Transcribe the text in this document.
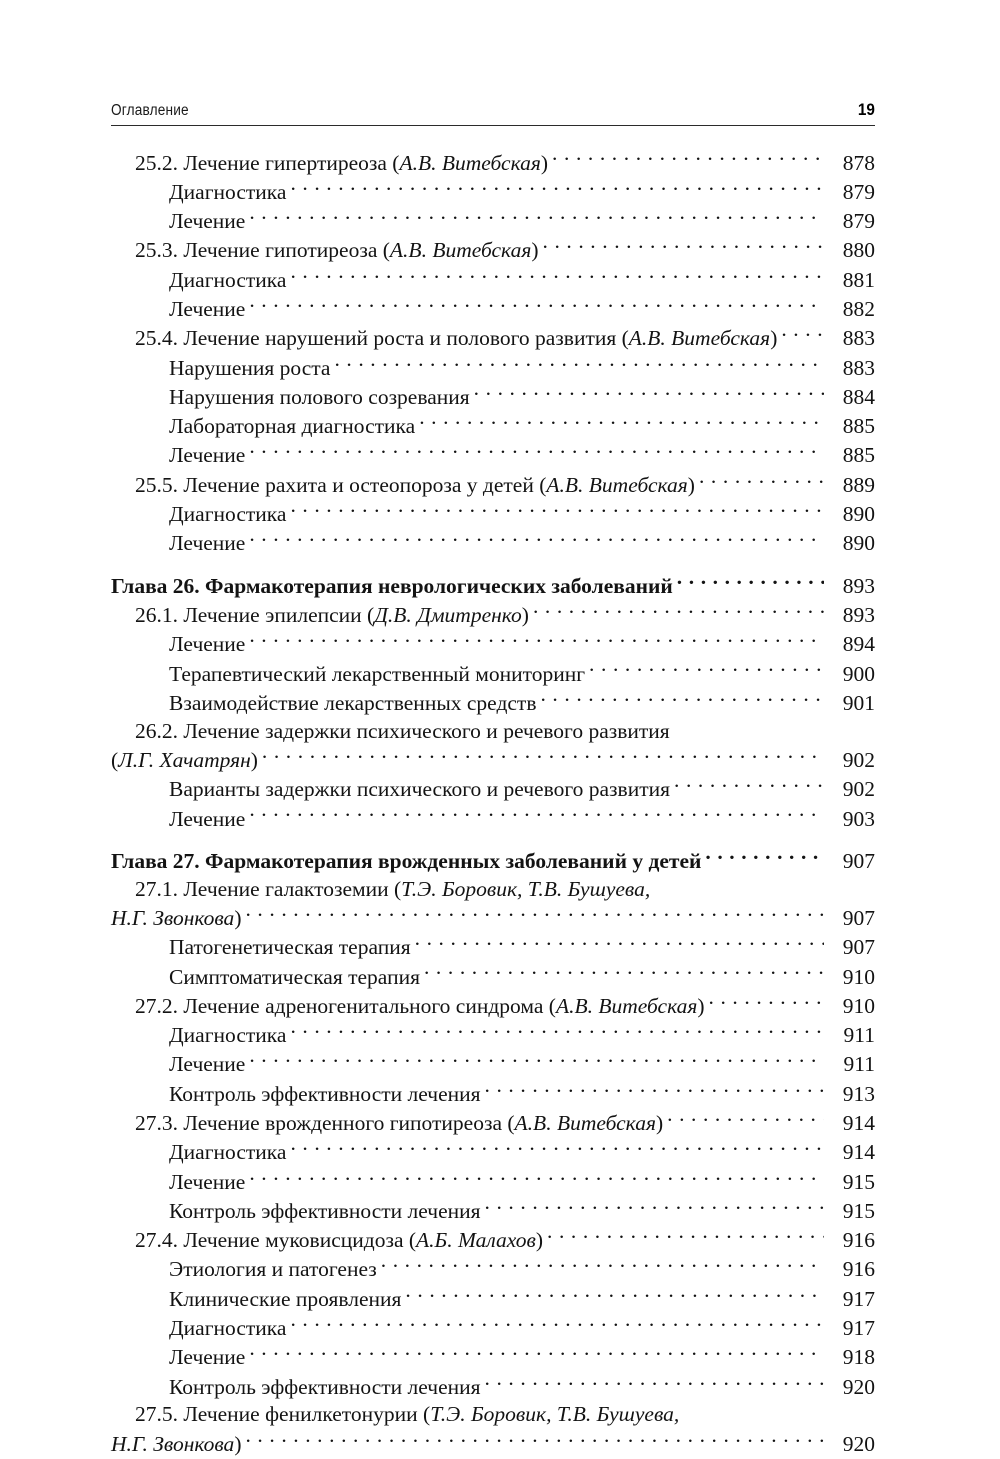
Оглавление	19
25.2. Лечение гипертиреоза ( А.В. Витебская ) . . .	878
Диагностика . . .	879
Лечение . . .	879
25.3. Лечение гипотиреоза ( А.В. Витебская ) . . .	880
Диагностика . . .	881
Лечение . . .	882
25.4. Лечение нарушений роста и полового развития ( А.В. Витебская ) . . .	883
Нарушения роста . . .	883
Нарушения полового созревания . . .	884
Лабораторная диагностика . . .	885
Лечение . . .	885
25.5. Лечение рахита и остеопороза у детей ( А.В. Витебская ) . . .	889
Диагностика . . .	890
Лечение . . .	890
Глава 26. Фармакотерапия неврологических заболеваний . . .	893
26.1. Лечение эпилепсии ( Д.В. Дмитренко ) . . .	893
Лечение . . .	894
Терапевтический лекарственный мониторинг . . .	900
Взаимодействие лекарственных средств . . .	901
26.2. Лечение задержки психического и речевого развития
( Л.Г. Хачатрян ) . . .	902
Варианты задержки психического и речевого развития . . .	902
Лечение . . .	903
Глава 27. Фармакотерапия врожденных заболеваний у детей . . .	907
27.1. Лечение галактоземии ( Т.Э. Боровик, Т.В. Бушуева,
Н.Г. Звонкова ) . . .	907
Патогенетическая терапия . . .	907
Симптоматическая терапия . . .	910
27.2. Лечение адреногенитального синдрома ( А.В. Витебская ) . . .	910
Диагностика . . .	911
Лечение . . .	911
Контроль эффективности лечения . . .	913
27.3. Лечение врожденного гипотиреоза ( А.В. Витебская ) . . .	914
Диагностика . . .	914
Лечение . . .	915
Контроль эффективности лечения . . .	915
27.4. Лечение муковисцидоза ( А.Б. Малахов ) . . .	916
Этиология и патогенез . . .	916
Клинические проявления . . .	917
Диагностика . . .	917
Лечение . . .	918
Контроль эффективности лечения . . .	920
27.5. Лечение фенилкетонурии ( Т.Э. Боровик, Т.В. Бушуева,
Н.Г. Звонкова ) . . .	920
